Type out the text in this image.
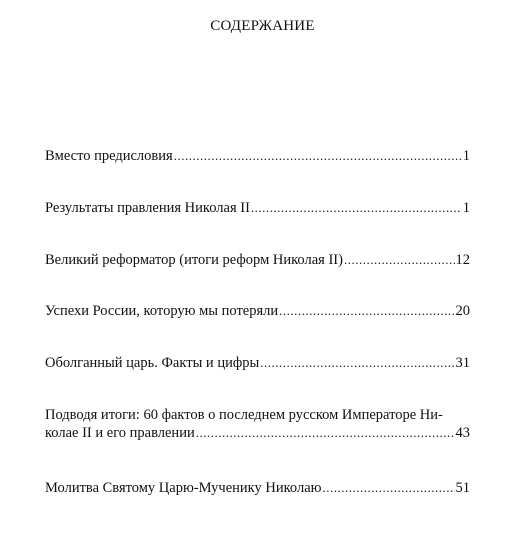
СОДЕРЖАНИЕ
Вместо предисловия .....	1
Результаты правления Николая II .....	1
Великий реформатор (итоги реформ Николая II) .....	12
Успехи России, которую мы потеряли .....	20
Оболганный царь. Факты и цифры .....	31
Подводя итоги: 60 фактов о последнем русском Императоре Ни-
колае II и его правлении .....	43
Молитва Святому Царю-Мученику Николаю .....	51
